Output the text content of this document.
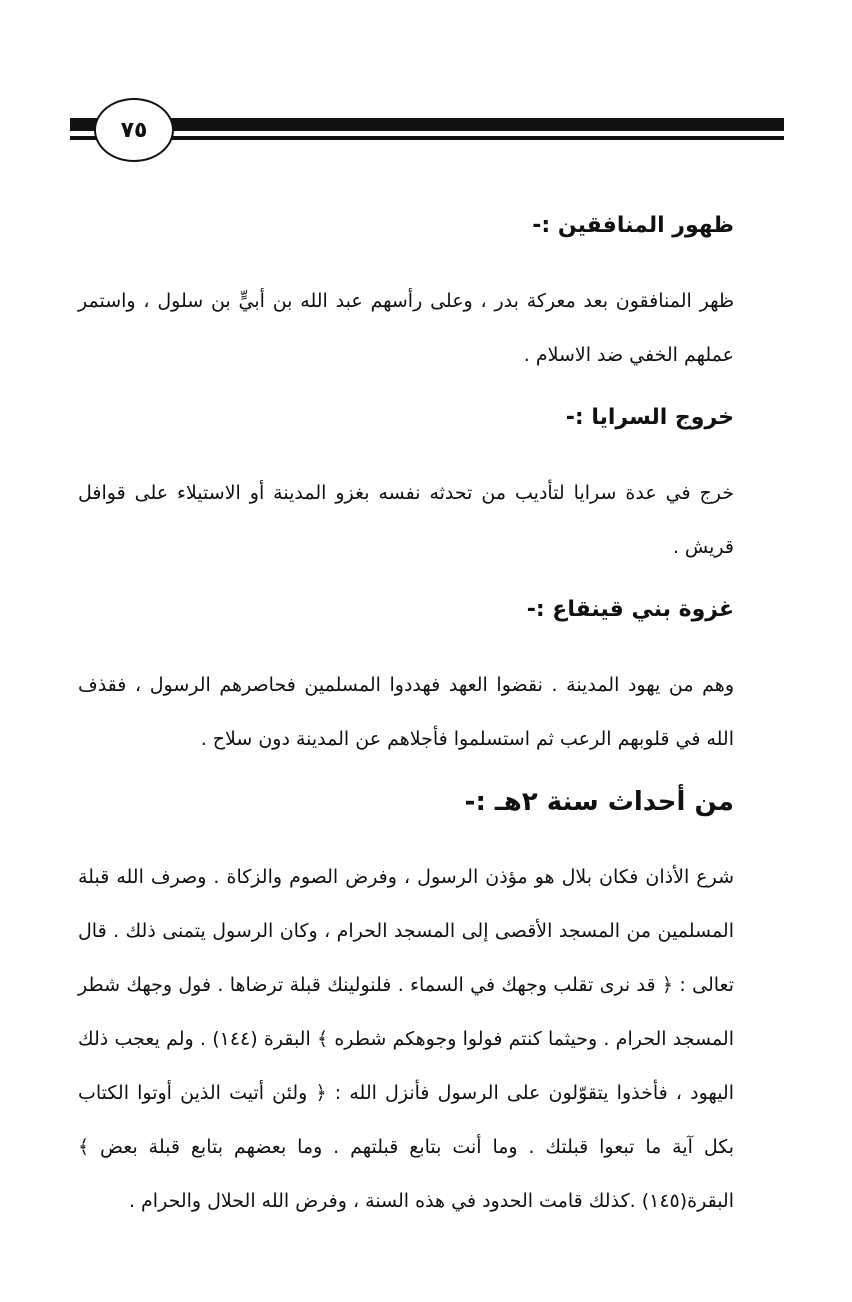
٧٥
ظهور المنافقين :-

ظهر المنافقون بعد معركة بدر ، وعلى رأسهم عبد الله بن أبيٍّ بن سلول ، واستمر عملهم الخفي ضد الاسلام .

خروج السرايا :-

خرج في عدة سرايا لتأديب من تحدثه نفسه بغزو المدينة أو الاستيلاء على قوافل قريش .

غزوة بني قينقاع :-

وهم من يهود المدينة . نقضوا العهد فهددوا المسلمين فحاصرهم الرسول ، فقذف الله في قلوبهم الرعب ثم استسلموا فأجلاهم عن المدينة دون سلاح .

من أحداث سنة ٢هـ :-

شرع الأذان فكان بلال هو مؤذن الرسول ، وفرض الصوم والزكاة . وصرف الله قبلة المسلمين من المسجد الأقصى إلى المسجد الحرام ، وكان الرسول يتمنى ذلك . قال تعالى : ﴿ قد نرى تقلب وجهك في السماء . فلنولينك قبلة ترضاها . فول وجهك شطر المسجد الحرام . وحيثما كنتم فولوا وجوهكم شطره ﴾ البقرة (١٤٤) . ولم يعجب ذلك اليهود ، فأخذوا يتقوّلون على الرسول فأنزل الله : ﴿ ولئن أتيت الذين أوتوا الكتاب بكل آية ما تبعوا قبلتك . وما أنت بتابع قبلتهم . وما بعضهم بتابع قبلة بعض ﴾ البقرة(١٤٥) .كذلك قامت الحدود في هذه السنة ، وفرض الله الحلال والحرام .
